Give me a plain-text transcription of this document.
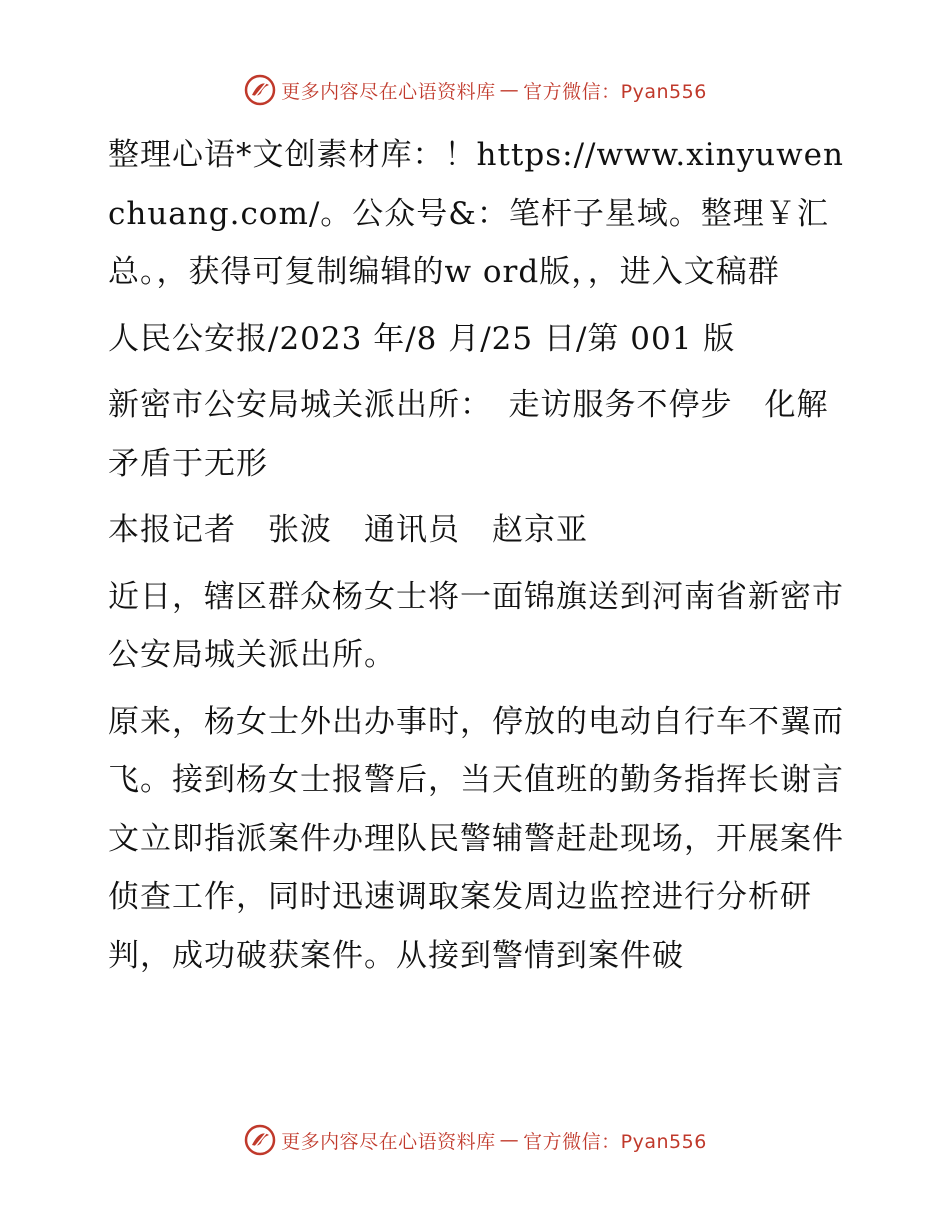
更多内容尽在心语资料库 — 官方微信：Pyan556

整理心语*文创素材库：！https://www.xinyuwenchuang.com/。公众号&：笔杆子星域。整理￥汇总。，获得可复制编辑的w ord版，，进入文稿群

人民公安报/2023 年/8 月/25 日/第 001 版

新密市公安局城关派出所：　走访服务不停步　化解矛盾于无形

本报记者　张波　通讯员　赵京亚

近日，辖区群众杨女士将一面锦旗送到河南省新密市公安局城关派出所。

原来，杨女士外出办事时，停放的电动自行车不翼而飞。接到杨女士报警后，当天值班的勤务指挥长谢言文立即指派案件办理队民警辅警赶赴现场，开展案件侦查工作，同时迅速调取案发周边监控进行分析研判，成功破获案件。从接到警情到案件破

更多内容尽在心语资料库 — 官方微信：Pyan556
